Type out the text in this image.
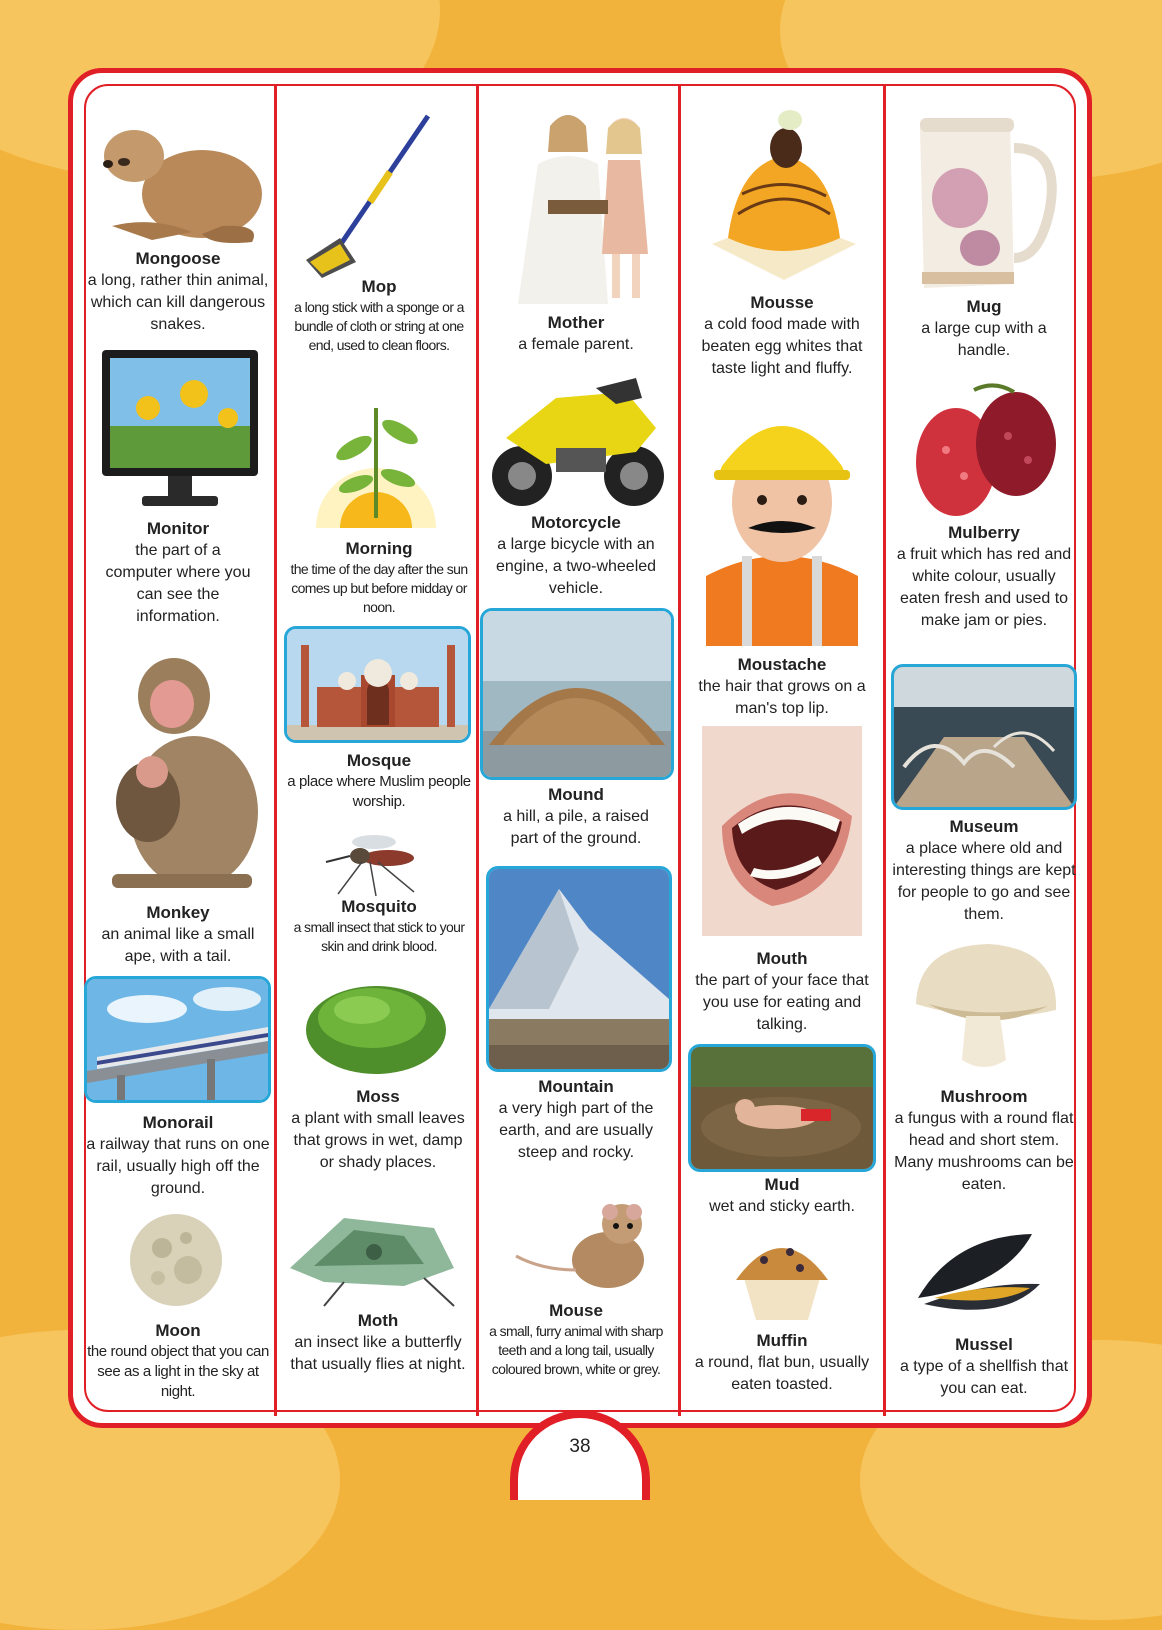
Mongoose
a long, rather thin animal, which can kill dangerous snakes.
Monitor
the part of a computer where you can see the information.
Monkey
an animal like a small ape, with a tail.
Monorail
a railway that runs on one rail, usually high off the ground.
Moon
the round object that you can see as a light in the sky at night.
Mop
a long stick with a sponge or a bundle of cloth or string at one end, used to clean floors.
Morning
the time of the day after the sun comes up but before midday or noon.
Mosque
a place where Muslim people worship.
Mosquito
a small insect that stick to your skin and drink blood.
Moss
a plant with small leaves that grows in wet, damp or shady places.
Moth
an insect like a butterfly that usually flies at night.
Mother
a female parent.
Motorcycle
a large bicycle with an engine, a two-wheeled vehicle.
Mound
a hill, a pile, a raised part of the ground.
Mountain
a very high part of the earth, and are usually steep and rocky.
Mouse
a small, furry animal with sharp teeth and a long tail, usually coloured brown, white or grey.
Mousse
a cold food made with beaten egg whites that taste light and fluffy.
Moustache
the hair that grows on a man's top lip.
Mouth
the part of your face that you use for eating and talking.
Mud
wet and sticky earth.
Muffin
a round, flat bun, usually eaten toasted.
Mug
a large cup with a handle.
Mulberry
a fruit which has red and white colour, usually eaten fresh and used to make jam or pies.
Museum
a place where old and interesting things are kept for people to go and see them.
Mushroom
a fungus with a round flat head and short stem. Many mushrooms can be eaten.
Mussel
a type of a shellfish that you can eat.
38
